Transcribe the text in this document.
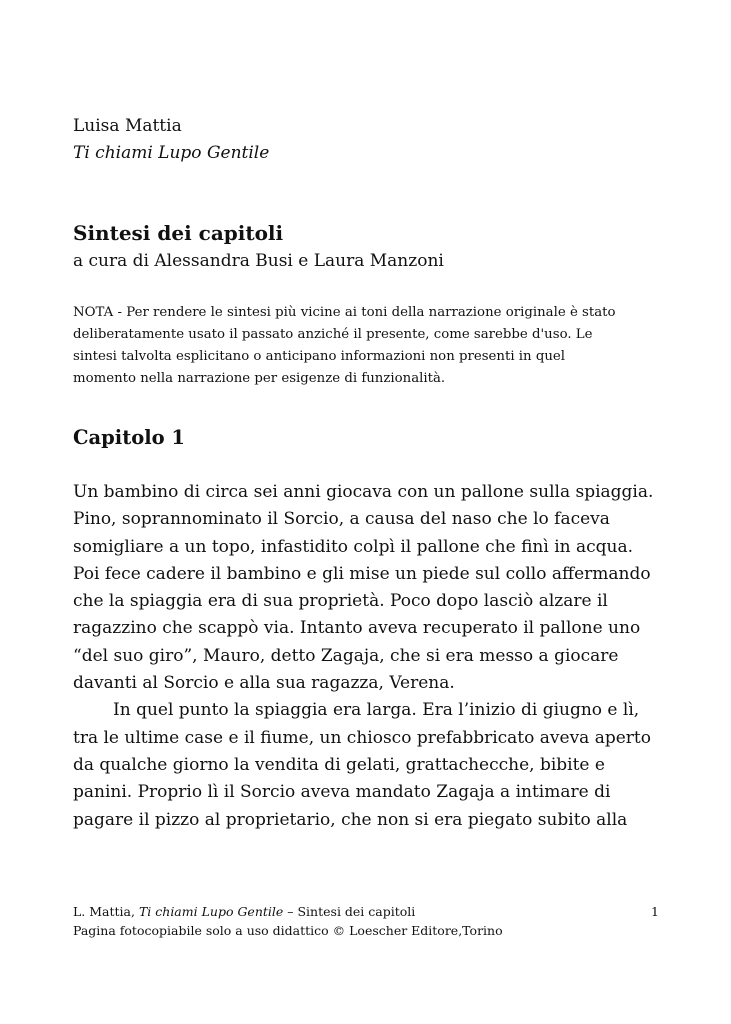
Luisa Mattia

Ti chiami Lupo Gentile

Sintesi dei capitoli

a cura di Alessandra Busi e Laura Manzoni

NOTA - Per rendere le sintesi più vicine ai toni della narrazione originale è stato
deliberatamente usato il passato anziché il presente, come sarebbe d'uso. Le
sintesi talvolta esplicitano o anticipano informazioni non presenti in quel
momento nella narrazione per esigenze di funzionalità.
Capitolo 1
Un bambino di circa sei anni giocava con un pallone sulla spiaggia.
Pino, soprannominato il Sorcio, a causa del naso che lo faceva
somigliare a un topo, infastidito colpì il pallone che finì in acqua.
Poi fece cadere il bambino e gli mise un piede sul collo affermando
che la spiaggia era di sua proprietà. Poco dopo lasciò alzare il
ragazzino che scappò via. Intanto aveva recuperato il pallone uno
“del suo giro”, Mauro, detto Zagaja, che si era messo a giocare
davanti al Sorcio e alla sua ragazza, Verena.
In quel punto la spiaggia era larga. Era l’inizio di giugno e lì,
tra le ultime case e il fiume, un chiosco prefabbricato aveva aperto
da qualche giorno la vendita di gelati, grattachecche, bibite e
panini. Proprio lì il Sorcio aveva mandato Zagaja a intimare di
pagare il pizzo al proprietario, che non si era piegato subito alla
L. Mattia, Ti chiami Lupo Gentile – Sintesi dei capitoli
Pagina fotocopiabile solo a uso didattico © Loescher Editore,Torino
1
